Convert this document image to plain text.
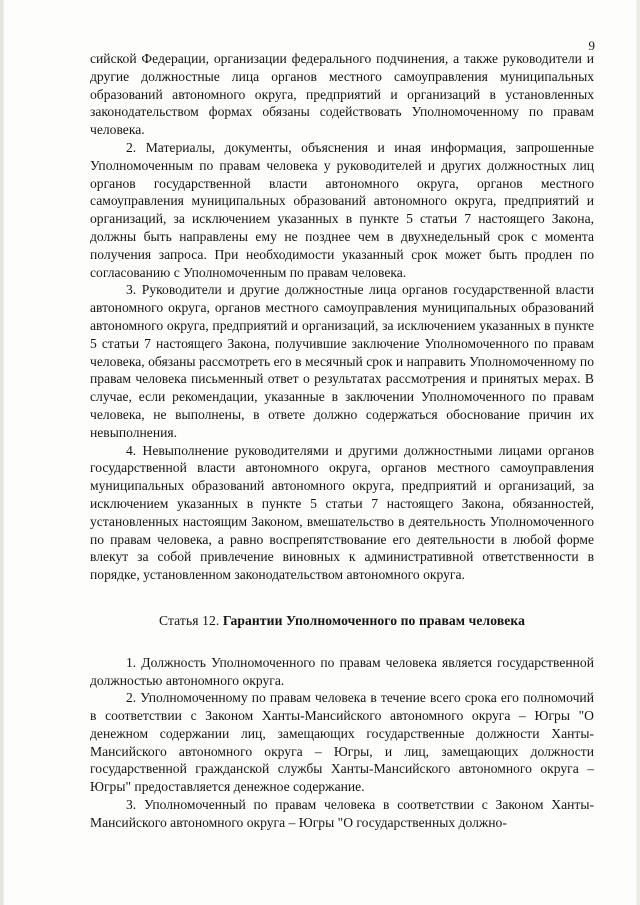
9

сийской Федерации, организации федерального подчинения, а также руководители и другие должностные лица органов местного самоуправления муниципальных образований автономного округа, предприятий и организаций в установленных законодательством формах обязаны содействовать Уполномоченному по правам человека.

2. Материалы, документы, объяснения и иная информация, запрошенные Уполномоченным по правам человека у руководителей и других должностных лиц органов государственной власти автономного округа, органов местного самоуправления муниципальных образований автономного округа, предприятий и организаций, за исключением указанных в пункте 5 статьи 7 настоящего Закона, должны быть направлены ему не позднее чем в двухнедельный срок с момента получения запроса. При необходимости указанный срок может быть продлен по согласованию с Уполномоченным по правам человека.

3. Руководители и другие должностные лица органов государственной власти автономного округа, органов местного самоуправления муниципальных образований автономного округа, предприятий и организаций, за исключением указанных в пункте 5 статьи 7 настоящего Закона, получившие заключение Уполномоченного по правам человека, обязаны рассмотреть его в месячный срок и направить Уполномоченному по правам человека письменный ответ о результатах рассмотрения и принятых мерах. В случае, если рекомендации, указанные в заключении Уполномоченного по правам человека, не выполнены, в ответе должно содержаться обоснование причин их невыполнения.

4. Невыполнение руководителями и другими должностными лицами органов государственной власти автономного округа, органов местного самоуправления муниципальных образований автономного округа, предприятий и организаций, за исключением указанных в пункте 5 статьи 7 настоящего Закона, обязанностей, установленных настоящим Законом, вмешательство в деятельность Уполномоченного по правам человека, а равно воспрепятствование его деятельности в любой форме влекут за собой привлечение виновных к административной ответственности в порядке, установленном законодательством автономного округа.

Статья 12. Гарантии Уполномоченного по правам человека

1. Должность Уполномоченного по правам человека является государственной должностью автономного округа.

2. Уполномоченному по правам человека в течение всего срока его полномочий в соответствии с Законом Ханты-Мансийского автономного округа – Югры "О денежном содержании лиц, замещающих государственные должности Ханты-Мансийского автономного округа – Югры, и лиц, замещающих должности государственной гражданской службы Ханты-Мансийского автономного округа – Югры" предоставляется денежное содержание.

3. Уполномоченный по правам человека в соответствии с Законом Ханты-Мансийского автономного округа – Югры "О государственных должно-
